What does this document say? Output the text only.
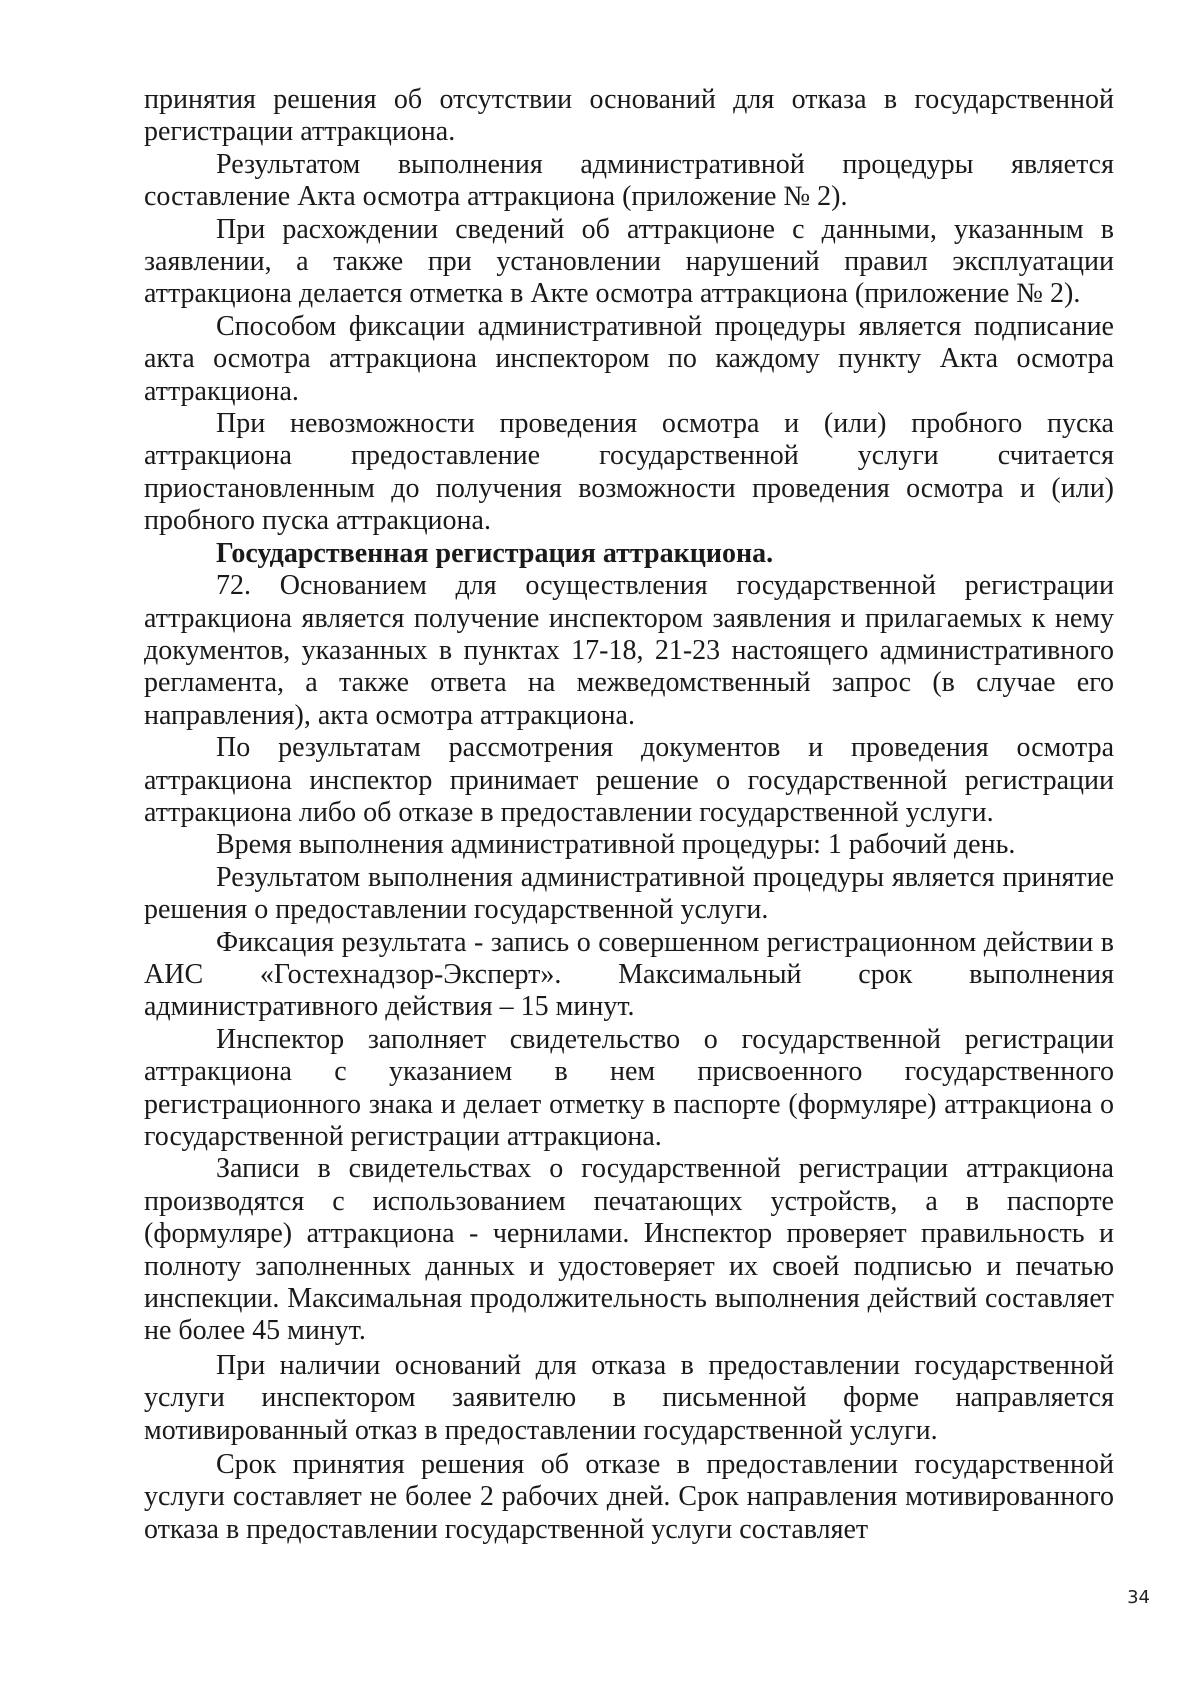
принятия решения об отсутствии оснований для отказа в государственной регистрации аттракциона.

Результатом выполнения административной процедуры является составление Акта осмотра аттракциона (приложение № 2).

При расхождении сведений об аттракционе с данными, указанным в заявлении, а также при установлении нарушений правил эксплуатации аттракциона делается отметка в Акте осмотра аттракциона (приложение № 2).

Способом фиксации административной процедуры является подписание акта осмотра аттракциона инспектором по каждому пункту Акта осмотра аттракциона.

При невозможности проведения осмотра и (или) пробного пуска аттракциона предоставление государственной услуги считается приостановленным до получения возможности проведения осмотра и (или) пробного пуска аттракциона.

Государственная регистрация аттракциона.

72. Основанием для осуществления государственной регистрации аттракциона является получение инспектором заявления и прилагаемых к нему документов, указанных в пунктах 17-18, 21-23 настоящего административного регламента, а также ответа на межведомственный запрос (в случае его направления), акта осмотра аттракциона.

По результатам рассмотрения документов и проведения осмотра аттракциона инспектор принимает решение о государственной регистрации аттракциона либо об отказе в предоставлении государственной услуги.

Время выполнения административной процедуры: 1 рабочий день.

Результатом выполнения административной процедуры является принятие решения о предоставлении государственной услуги.

Фиксация результата - запись о совершенном регистрационном действии в АИС «Гостехнадзор-Эксперт». Максимальный срок выполнения административного действия – 15 минут.

Инспектор заполняет свидетельство о государственной регистрации аттракциона с указанием в нем присвоенного государственного регистрационного знака и делает отметку в паспорте (формуляре) аттракциона о государственной регистрации аттракциона.

Записи в свидетельствах о государственной регистрации аттракциона производятся с использованием печатающих устройств, а в паспорте (формуляре) аттракциона - чернилами. Инспектор проверяет правильность и полноту заполненных данных и удостоверяет их своей подписью и печатью инспекции. Максимальная продолжительность выполнения действий составляет не более 45 минут.

При наличии оснований для отказа в предоставлении государственной услуги инспектором заявителю в письменной форме направляется мотивированный отказ в предоставлении государственной услуги.

Срок принятия решения об отказе в предоставлении государственной услуги составляет не более 2 рабочих дней. Срок направления мотивированного отказа в предоставлении государственной услуги составляет

34
